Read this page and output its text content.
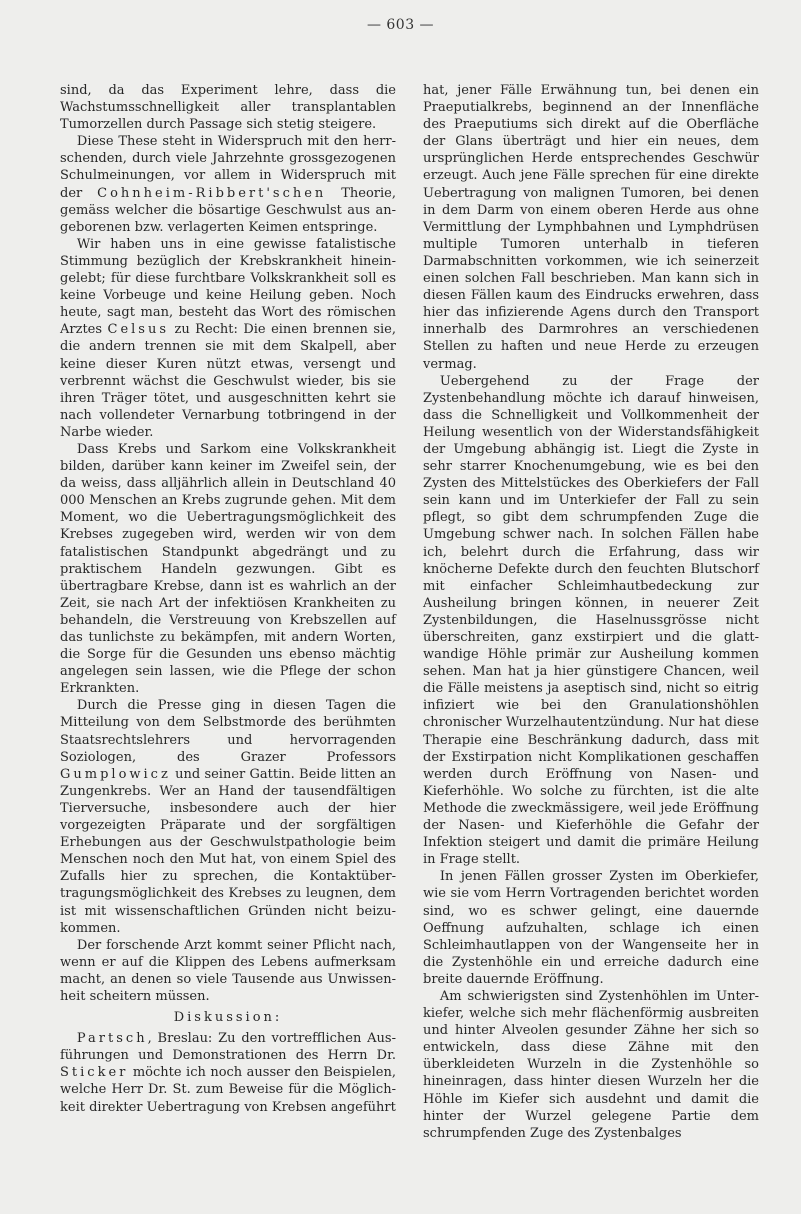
— 603 —

sind, da das Experiment lehre, dass die Wachstumsschnelligkeit aller transplantablen Tumorzellen durch Passage sich stetig steigere.

Diese These steht in Widerspruch mit den herrschenden, durch viele Jahrzehnte grossgezogenen Schulmeinungen, vor allem in Widerspruch mit der Cohnheim-Ribbert'schen Theorie, gemäss welcher die bösartige Geschwulst aus angeborenen bzw. verlagerten Keimen entspringe.

Wir haben uns in eine gewisse fatalistische Stimmung bezüglich der Krebskrankheit hineingelebt; für diese furchtbare Volkskrankheit soll es keine Vorbeuge und keine Heilung geben. Noch heute, sagt man, besteht das Wort des römischen Arztes Celsus zu Recht: Die einen brennen sie, die andern trennen sie mit dem Skalpell, aber keine dieser Kuren nützt etwas, versengt und verbrennt wächst die Geschwulst wieder, bis sie ihren Träger tötet, und ausgeschnitten kehrt sie nach vollendeter Vernarbung totbringend in der Narbe wieder.

Dass Krebs und Sarkom eine Volkskrankheit bilden, darüber kann keiner im Zweifel sein, der da weiss, dass alljährlich allein in Deutschland 40 000 Menschen an Krebs zugrunde gehen. Mit dem Moment, wo die Uebertragungsmöglichkeit des Krebses zugegeben wird, werden wir von dem fatalistischen Standpunkt abgedrängt und zu praktischem Handeln gezwungen. Gibt es übertragbare Krebse, dann ist es wahrlich an der Zeit, sie nach Art der infektiösen Krankheiten zu behandeln, die Verstreuung von Krebszellen auf das tunlichste zu bekämpfen, mit andern Worten, die Sorge für die Gesunden uns ebenso mächtig angelegen sein lassen, wie die Pflege der schon Erkrankten.

Durch die Presse ging in diesen Tagen die Mitteilung von dem Selbstmorde des berühmten Staatsrechtslehrers und hervorragenden Soziologen, des Grazer Professors Gumplowicz und seiner Gattin. Beide litten an Zungenkrebs. Wer an Hand der tausendfältigen Tierversuche, insbesondere auch der hier vorgezeigten Präparate und der sorgfältigen Erhebungen aus der Geschwulstpathologie beim Menschen noch den Mut hat, von einem Spiel des Zufalls hier zu sprechen, die Kontaktübertragungsmöglichkeit des Krebses zu leugnen, dem ist mit wissenschaftlichen Gründen nicht beizukommen.

Der forschende Arzt kommt seiner Pflicht nach, wenn er auf die Klippen des Lebens aufmerksam macht, an denen so viele Tausende aus Unwissenheit scheitern müssen.

Diskussion:

Partsch, Breslau: Zu den vortrefflichen Ausführungen und Demonstrationen des Herrn Dr. Sticker möchte ich noch ausser den Beispielen, welche Herr Dr. St. zum Beweise für die Möglichkeit direkter Uebertragung von Krebsen angeführt

hat, jener Fälle Erwähnung tun, bei denen ein Praeputialkrebs, beginnend an der Innenfläche des Praeputiums sich direkt auf die Oberfläche der Glans überträgt und hier ein neues, dem ursprünglichen Herde entsprechendes Geschwür erzeugt. Auch jene Fälle sprechen für eine direkte Uebertragung von malignen Tumoren, bei denen in dem Darm von einem oberen Herde aus ohne Vermittlung der Lymphbahnen und Lymphdrüsen multiple Tumoren unterhalb in tieferen Darmabschnitten vorkommen, wie ich seinerzeit einen solchen Fall beschrieben. Man kann sich in diesen Fällen kaum des Eindrucks erwehren, dass hier das infizierende Agens durch den Transport innerhalb des Darmrohres an verschiedenen Stellen zu haften und neue Herde zu erzeugen vermag.

Uebergehend zu der Frage der Zystenbehandlung möchte ich darauf hinweisen, dass die Schnelligkeit und Vollkommenheit der Heilung wesentlich von der Widerstandsfähigkeit der Umgebung abhängig ist. Liegt die Zyste in sehr starrer Knochenumgebung, wie es bei den Zysten des Mittelstückes des Oberkiefers der Fall sein kann und im Unterkiefer der Fall zu sein pflegt, so gibt dem schrumpfenden Zuge die Umgebung schwer nach. In solchen Fällen habe ich, belehrt durch die Erfahrung, dass wir knöcherne Defekte durch den feuchten Blutschorf mit einfacher Schleimhautbedeckung zur Ausheilung bringen können, in neuerer Zeit Zystenbildungen, die Haselnussgrösse nicht überschreiten, ganz exstirpiert und die glattwandige Höhle primär zur Ausheilung kommen sehen. Man hat ja hier günstigere Chancen, weil die Fälle meistens ja aseptisch sind, nicht so eitrig infiziert wie bei den Granulationshöhlen chronischer Wurzelhautentzündung. Nur hat diese Therapie eine Beschränkung dadurch, dass mit der Exstirpation nicht Komplikationen geschaffen werden durch Eröffnung von Nasen- und Kieferhöhle. Wo solche zu fürchten, ist die alte Methode die zweckmässigere, weil jede Eröffnung der Nasen- und Kieferhöhle die Gefahr der Infektion steigert und damit die primäre Heilung in Frage stellt.

In jenen Fällen grosser Zysten im Oberkiefer, wie sie vom Herrn Vortragenden berichtet worden sind, wo es schwer gelingt, eine dauernde Oeffnung aufzuhalten, schlage ich einen Schleimhautlappen von der Wangenseite her in die Zystenhöhle ein und erreiche dadurch eine breite dauernde Eröffnung.

Am schwierigsten sind Zystenhöhlen im Unterkiefer, welche sich mehr flächenförmig ausbreiten und hinter Alveolen gesunder Zähne her sich so entwickeln, dass diese Zähne mit den überkleideten Wurzeln in die Zystenhöhle so hineinragen, dass hinter diesen Wurzeln her die Höhle im Kiefer sich ausdehnt und damit die hinter der Wurzel gelegene Partie dem schrumpfenden Zuge des Zystenbalges
